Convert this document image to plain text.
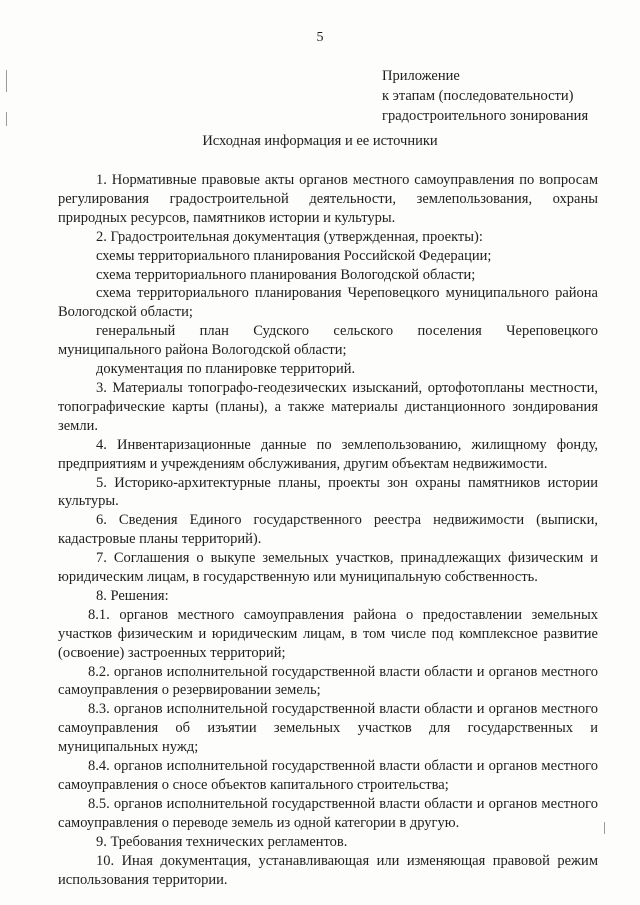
5
Приложение
к этапам (последовательности)
градостроительного зонирования
Исходная информация и ее источники

1. Нормативные правовые акты органов местного самоуправления по вопросам регулирования градостроительной деятельности, землепользования, охраны природных ресурсов, памятников истории и культуры.

2. Градостроительная документация (утвержденная, проекты):

схемы территориального планирования Российской Федерации;

схема территориального планирования Вологодской области;

схема территориального планирования Череповецкого муниципального района Вологодской области;

генеральный план Судского сельского поселения Череповецкого муниципального района Вологодской области;

документация по планировке территорий.

3. Материалы топографо-геодезических изысканий, ортофотопланы местности, топографические карты (планы), а также материалы дистанционного зондирования земли.

4. Инвентаризационные данные по землепользованию, жилищному фонду, предприятиям и учреждениям обслуживания, другим объектам недвижимости.

5. Историко-архитектурные планы, проекты зон охраны памятников истории культуры.

6. Сведения Единого государственного реестра недвижимости (выписки, кадастровые планы территорий).

7. Соглашения о выкупе земельных участков, принадлежащих физическим и юридическим лицам, в государственную или муниципальную собственность.

8. Решения:

8.1. органов местного самоуправления района о предоставлении земельных участков физическим и юридическим лицам, в том числе под комплексное развитие (освоение) застроенных территорий;

8.2. органов исполнительной государственной власти области и органов местного самоуправления о резервировании земель;

8.3. органов исполнительной государственной власти области и органов местного самоуправления об изъятии земельных участков для государственных и муниципальных нужд;

8.4. органов исполнительной государственной власти области и органов местного самоуправления о сносе объектов капитального строительства;

8.5. органов исполнительной государственной власти области и органов местного самоуправления о переводе земель из одной категории в другую.

9. Требования технических регламентов.

10. Иная документация, устанавливающая или изменяющая правовой режим использования территории.
